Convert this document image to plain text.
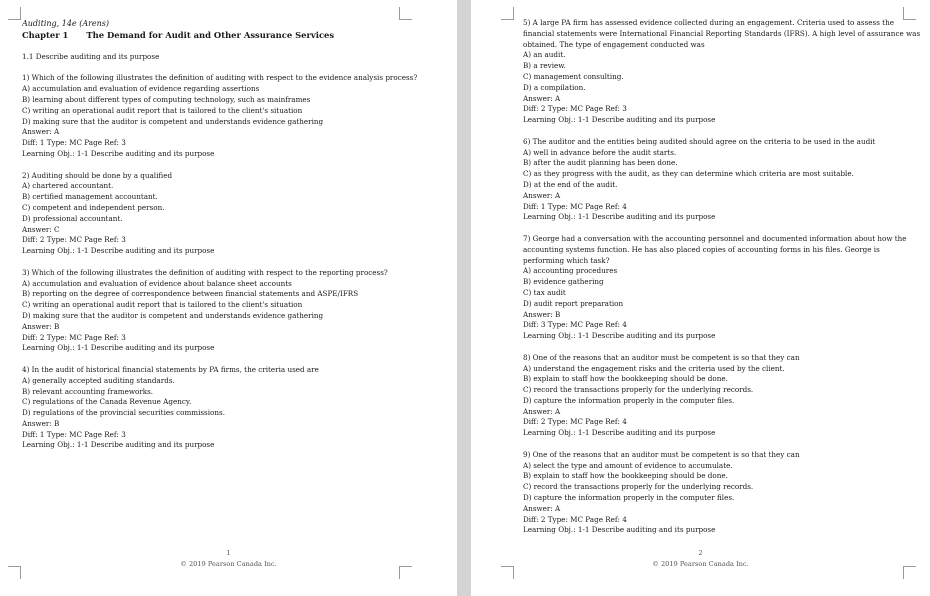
Auditing, 14e (Arens)
Chapter 1 The Demand for Audit and Other Assurance Services
1.1 Describe auditing and its purpose
1) Which of the following illustrates the definition of auditing with respect to the evidence analysis process?
A) accumulation and evaluation of evidence regarding assertions
B) learning about different types of computing technology, such as mainframes
C) writing an operational audit report that is tailored to the client's situation
D) making sure that the auditor is competent and understands evidence gathering
Answer: A
Diff: 1 Type: MC Page Ref: 3
Learning Obj.: 1-1 Describe auditing and its purpose
2) Auditing should be done by a qualified
A) chartered accountant.
B) certified management accountant.
C) competent and independent person.
D) professional accountant.
Answer: C
Diff: 2 Type: MC Page Ref: 3
Learning Obj.: 1-1 Describe auditing and its purpose
3) Which of the following illustrates the definition of auditing with respect to the reporting process?
A) accumulation and evaluation of evidence about balance sheet accounts
B) reporting on the degree of correspondence between financial statements and ASPE/IFRS
C) writing an operational audit report that is tailored to the client's situation
D) making sure that the auditor is competent and understands evidence gathering
Answer: B
Diff: 2 Type: MC Page Ref: 3
Learning Obj.: 1-1 Describe auditing and its purpose
4) In the audit of historical financial statements by PA firms, the criteria used are
A) generally accepted auditing standards.
B) relevant accounting frameworks.
C) regulations of the Canada Revenue Agency.
D) regulations of the provincial securities commissions.
Answer: B
Diff: 1 Type: MC Page Ref: 3
Learning Obj.: 1-1 Describe auditing and its purpose
1
© 2019 Pearson Canada Inc.
5) A large PA firm has assessed evidence collected during an engagement. Criteria used to assess the financial statements were International Financial Reporting Standards (IFRS). A high level of assurance was obtained. The type of engagement conducted was
A) an audit.
B) a review.
C) management consulting.
D) a compilation.
Answer: A
Diff: 2 Type: MC Page Ref: 3
Learning Obj.: 1-1 Describe auditing and its purpose
6) The auditor and the entities being audited should agree on the criteria to be used in the audit
A) well in advance before the audit starts.
B) after the audit planning has been done.
C) as they progress with the audit, as they can determine which criteria are most suitable.
D) at the end of the audit.
Answer: A
Diff: 1 Type: MC Page Ref: 4
Learning Obj.: 1-1 Describe auditing and its purpose
7) George had a conversation with the accounting personnel and documented information about how the accounting systems function. He has also placed copies of accounting forms in his files. George is performing which task?
A) accounting procedures
B) evidence gathering
C) tax audit
D) audit report preparation
Answer: B
Diff: 3 Type: MC Page Ref: 4
Learning Obj.: 1-1 Describe auditing and its purpose
8) One of the reasons that an auditor must be competent is so that they can
A) understand the engagement risks and the criteria used by the client.
B) explain to staff how the bookkeeping should be done.
C) record the transactions properly for the underlying records.
D) capture the information properly in the computer files.
Answer: A
Diff: 2 Type: MC Page Ref: 4
Learning Obj.: 1-1 Describe auditing and its purpose
9) One of the reasons that an auditor must be competent is so that they can
A) select the type and amount of evidence to accumulate.
B) explain to staff how the bookkeeping should be done.
C) record the transactions properly for the underlying records.
D) capture the information properly in the computer files.
Answer: A
Diff: 2 Type: MC Page Ref: 4
Learning Obj.: 1-1 Describe auditing and its purpose
2
© 2019 Pearson Canada Inc.
